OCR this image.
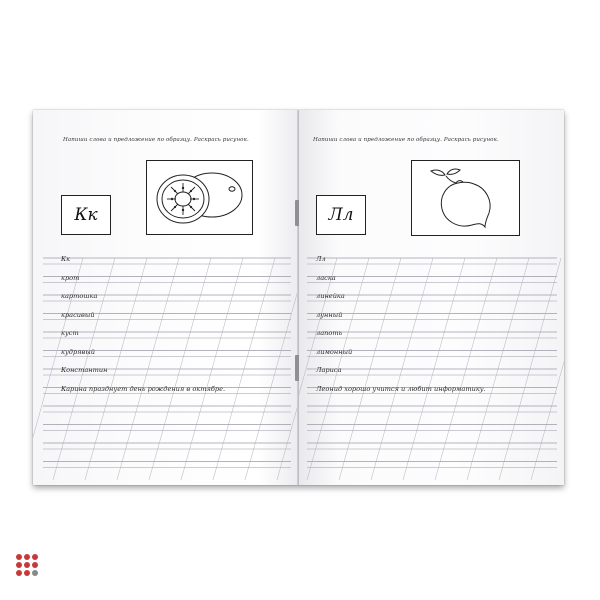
Напиши слова и предложение по образцу. Раскрась рисунок.
Кк
Кк
крот
картошка
красивый
куст
кудрявый
Константин
Карина празднует день рождения в октябре.
Напиши слова и предложение по образцу. Раскрась рисунок.
Лл
Лл
ласка
линейка
лунный
лапоть
лимонный
Лариса
Леонид хорошо учится и любит информатику.
